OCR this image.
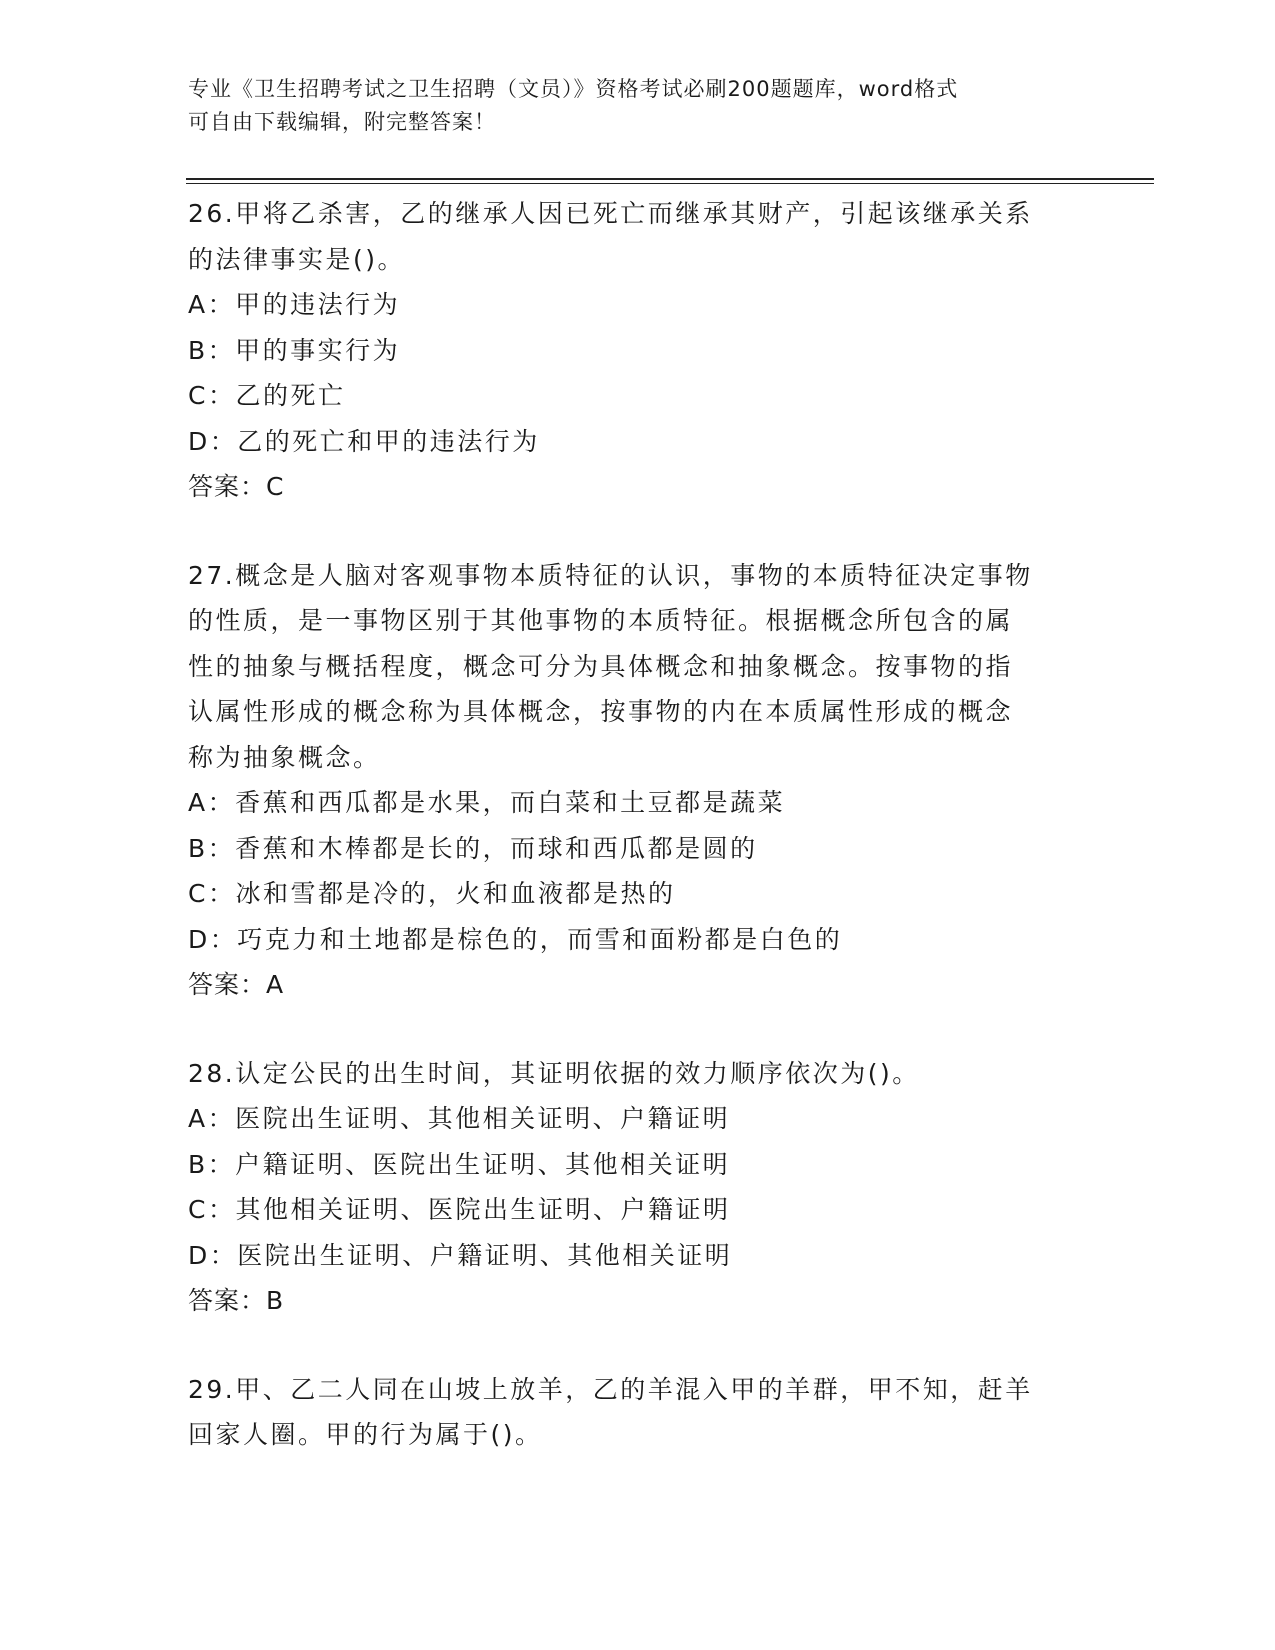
专业《卫生招聘考试之卫生招聘（文员）》资格考试必刷200题题库，word格式
可自由下载编辑，附完整答案！
26.甲将乙杀害，乙的继承人因已死亡而继承其财产，引起该继承关系
的法律事实是()。
A：甲的违法行为
B：甲的事实行为
C：乙的死亡
D：乙的死亡和甲的违法行为
答案：C
27.概念是人脑对客观事物本质特征的认识，事物的本质特征决定事物
的性质，是一事物区别于其他事物的本质特征。根据概念所包含的属
性的抽象与概括程度，概念可分为具体概念和抽象概念。按事物的指
认属性形成的概念称为具体概念，按事物的内在本质属性形成的概念
称为抽象概念。
A：香蕉和西瓜都是水果，而白菜和土豆都是蔬菜
B：香蕉和木棒都是长的，而球和西瓜都是圆的
C：冰和雪都是冷的，火和血液都是热的
D：巧克力和土地都是棕色的，而雪和面粉都是白色的
答案：A
28.认定公民的出生时间，其证明依据的效力顺序依次为()。
A：医院出生证明、其他相关证明、户籍证明
B：户籍证明、医院出生证明、其他相关证明
C：其他相关证明、医院出生证明、户籍证明
D：医院出生证明、户籍证明、其他相关证明
答案：B
29.甲、乙二人同在山坡上放羊，乙的羊混入甲的羊群，甲不知，赶羊
回家人圈。甲的行为属于()。
